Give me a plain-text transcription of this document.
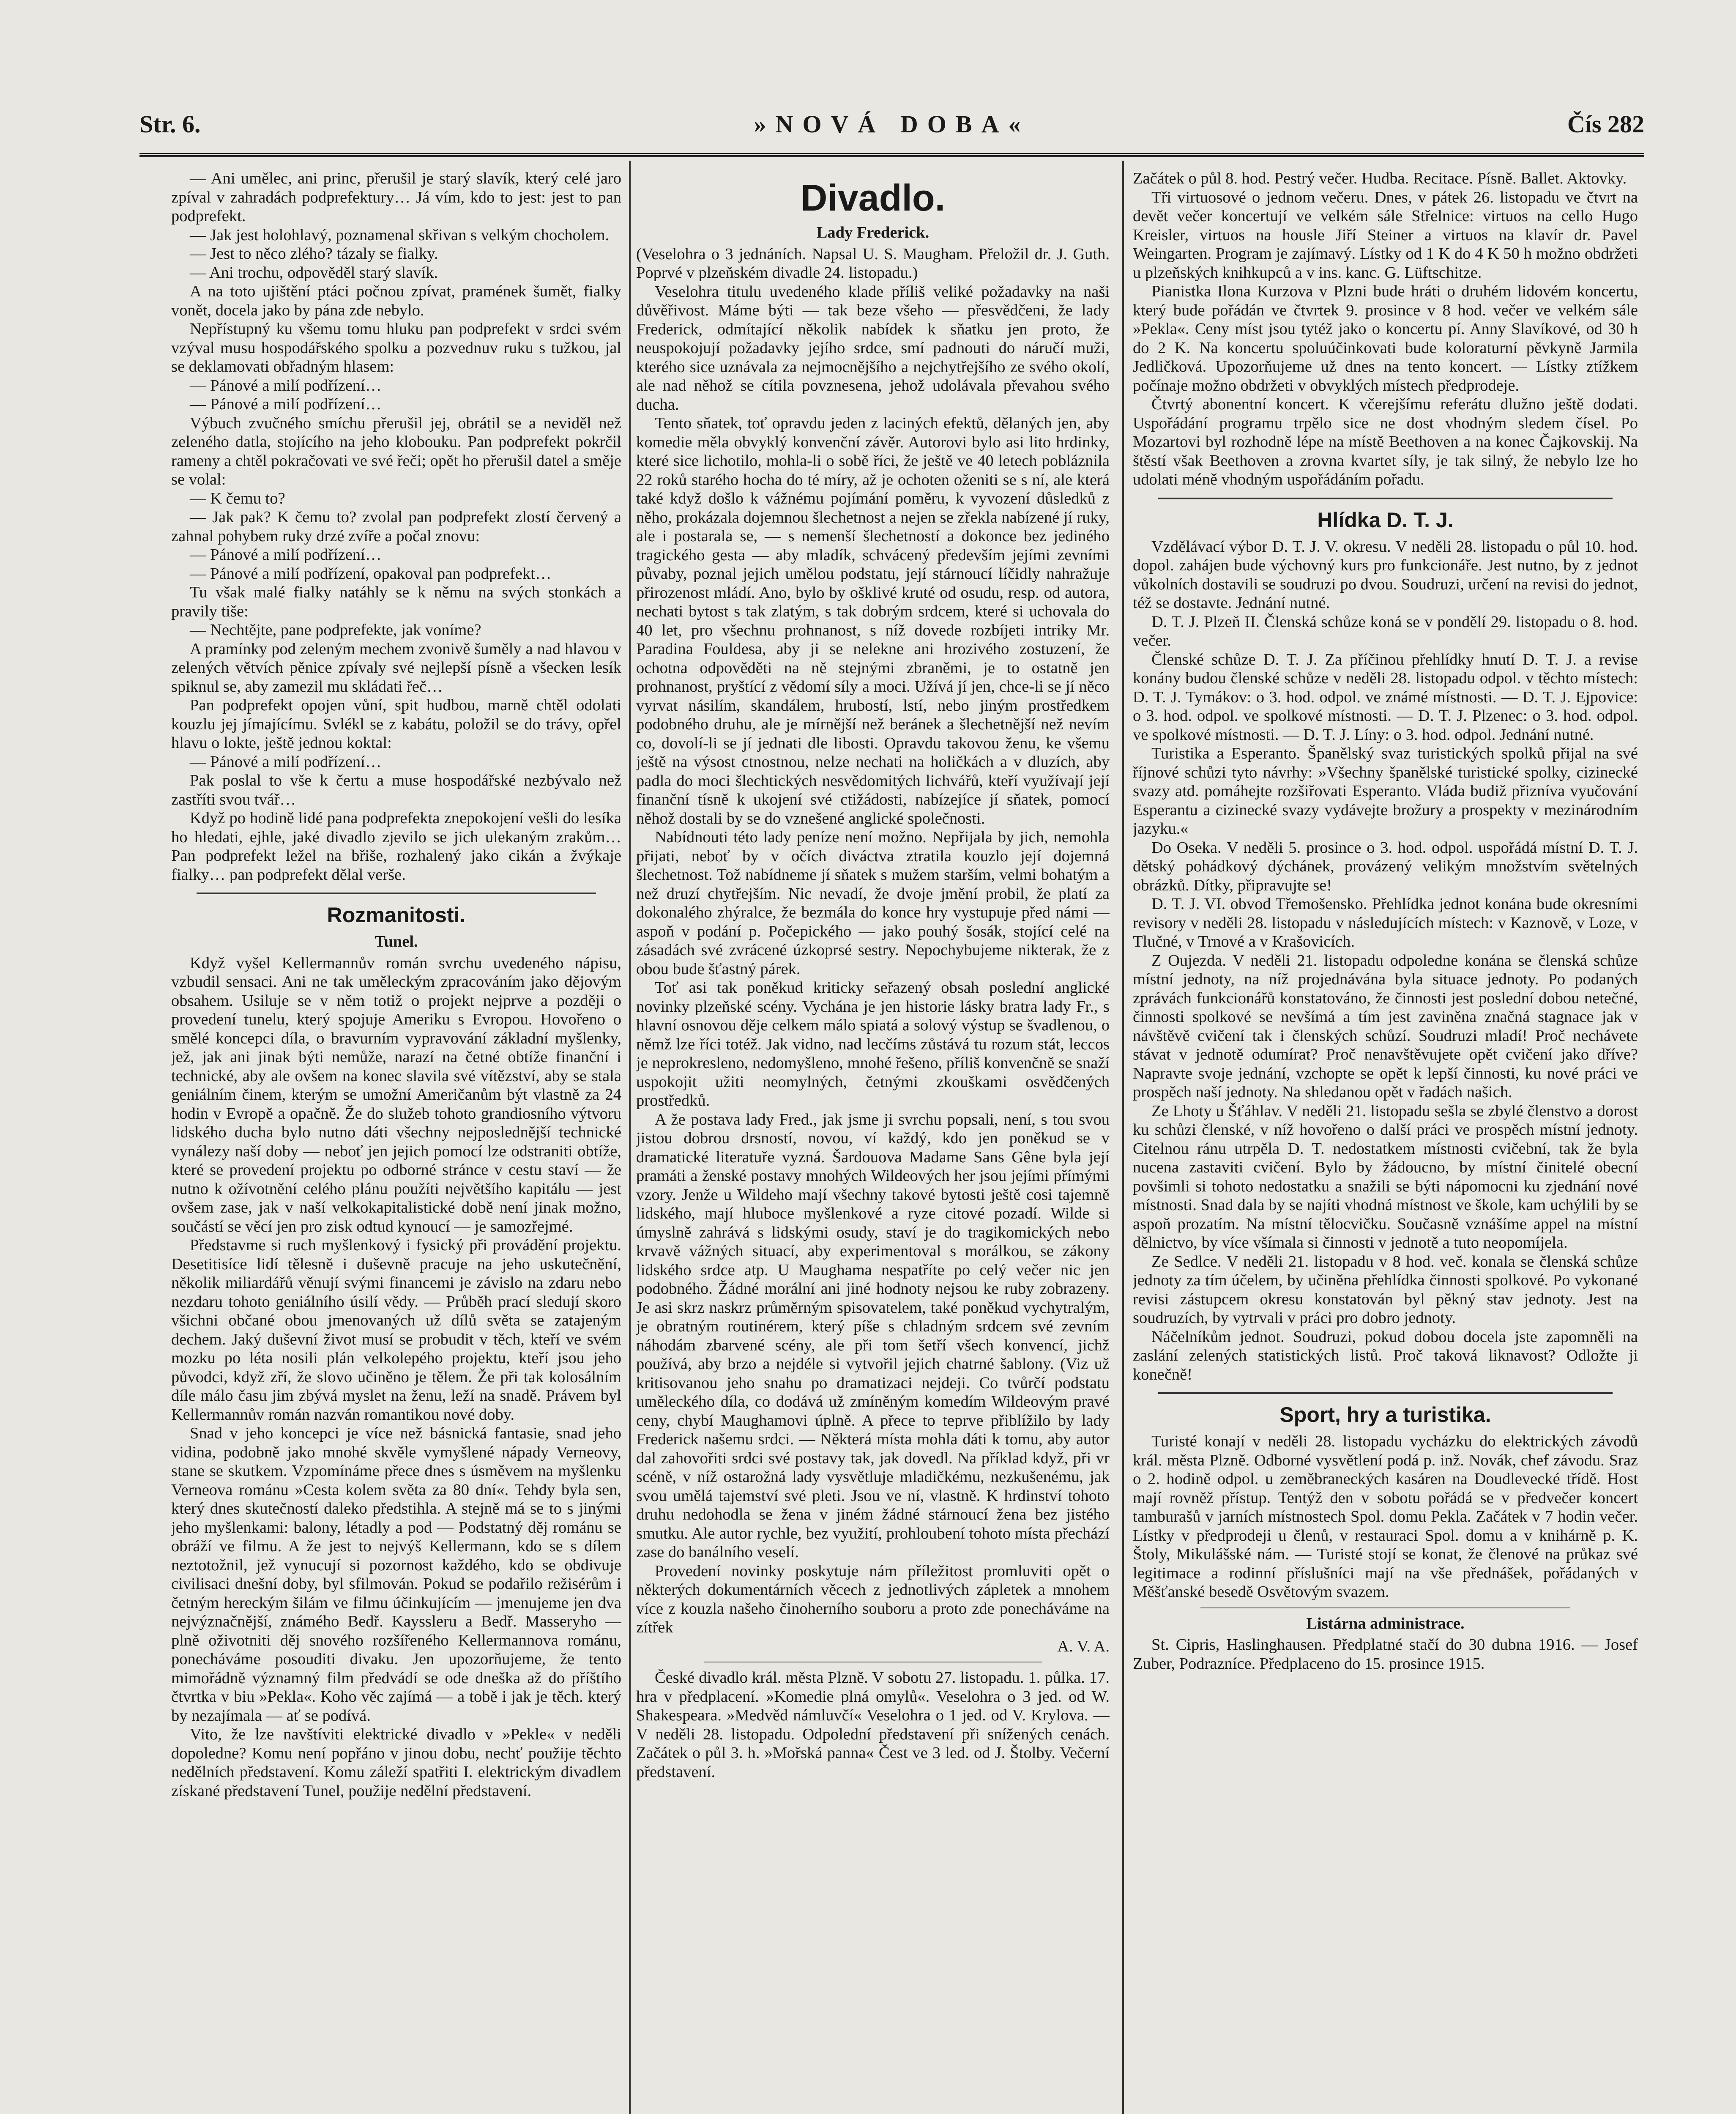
Str. 6.	»NOVÁ DOBA«	Čís 282

— Ani umělec, ani princ, přerušil je starý slavík, který celé jaro zpíval v zahradách podprefektury… Já vím, kdo to jest: jest to pan podprefekt.

— Jak jest holohlavý, poznamenal skřivan s velkým chocholem.

— Jest to něco zlého? tázaly se fialky.

— Ani trochu, odpověděl starý slavík.

A na toto ujištění ptáci počnou zpívat, pramének šumět, fialky vonět, docela jako by pána zde nebylo.

Nepřístupný ku všemu tomu hluku pan podprefekt v srdci svém vzýval musu hospodářského spolku a pozvednuv ruku s tužkou, jal se deklamovati obřadným hlasem:

— Pánové a milí podřízení…

— Pánové a milí podřízení…

Výbuch zvučného smíchu přerušil jej, obrátil se a neviděl než zeleného datla, stojícího na jeho klobouku. Pan podprefekt pokrčil rameny a chtěl pokračovati ve své řeči; opět ho přerušil datel a směje se volal:

— K čemu to?

— Jak pak? K čemu to? zvolal pan podprefekt zlostí červený a zahnal pohybem ruky drzé zvíře a počal znovu:

— Pánové a milí podřízení…

— Pánové a milí podřízení, opakoval pan podprefekt…

Tu však malé fialky natáhly se k němu na svých stonkách a pravily tiše:

— Nechtějte, pane podprefekte, jak voníme?

A pramínky pod zeleným mechem zvonivě šuměly a nad hlavou v zelených větvích pěnice zpívaly své nejlepší písně a všecken lesík spiknul se, aby zamezil mu skládati řeč…

Pan podprefekt opojen vůní, spit hudbou, marně chtěl odolati kouzlu jej jímajícímu. Svlékl se z kabátu, položil se do trávy, opřel hlavu o lokte, ještě jednou koktal:

— Pánové a milí podřízení…

Pak poslal to vše k čertu a muse hospodářské nezbývalo než zastříti svou tvář…

Když po hodině lidé pana podprefekta znepokojení vešli do lesíka ho hledati, ejhle, jaké divadlo zjevilo se jich ulekaným zrakům… Pan podprefekt ležel na břiše, rozhalený jako cikán a žvýkaje fialky… pan podprefekt dělal verše.

Rozmanitosti.
Tunel.

Když vyšel Kellermannův román svrchu uvedeného nápisu, vzbudil sensaci. Ani ne tak uměleckým zpracováním jako dějovým obsahem. Usiluje se v něm totiž o projekt nejprve a později o provedení tunelu, který spojuje Ameriku s Evropou. Hovořeno o smělé koncepci díla, o bravurním vypravování základní myšlenky, jež, jak ani jinak býti nemůže, narazí na četné obtíže finanční i technické, aby ale ovšem na konec slavila své vítězství, aby se stala geniálním činem, kterým se umožní Američanům být vlastně za 24 hodin v Evropě a opačně. Že do služeb tohoto grandiosního výtvoru lidského ducha bylo nutno dáti všechny nejposlednější technické vynálezy naší doby — neboť jen jejich pomocí lze odstraniti obtíže, které se provedení projektu po odborné stránce v cestu staví — že nutno k ožívotnění celého plánu použíti největšího kapitálu — jest ovšem zase, jak v naší velkokapitalistické době není jinak možno, součástí se věcí jen pro zisk odtud kynoucí — je samozřejmé.

Představme si ruch myšlenkový i fysický při provádění projektu. Desetitisíce lidí tělesně i duševně pracuje na jeho uskutečnění, několik miliardářů věnují svými financemi je závislo na zdaru nebo nezdaru tohoto geniálního úsilí vědy. — Průběh prací sledují skoro všichni občané obou jmenovaných už dílů světa se zatajeným dechem. Jaký duševní život musí se probudit v těch, kteří ve svém mozku po léta nosili plán velkolepého projektu, kteří jsou jeho původci, když zří, že slovo učiněno je tělem. Že při tak kolosálním díle málo času jim zbývá myslet na ženu, leží na snadě. Právem byl Kellermannův román nazván romantikou nové doby.

Snad v jeho koncepci je více než básnická fantasie, snad jeho vidina, podobně jako mnohé skvěle vymyšlené nápady Verneovy, stane se skutkem. Vzpomínáme přece dnes s úsměvem na myšlenku Verneova románu »Cesta kolem světa za 80 dní«. Tehdy byla sen, který dnes skutečností daleko předstihla. A stejně má se to s jinými jeho myšlenkami: balony, létadly a pod — Podstatný děj románu se obráží ve filmu. A že jest to nejvýš Kellermann, kdo se s dílem neztotožnil, jež vynucují si pozornost každého, kdo se obdivuje civilisaci dnešní doby, byl sfilmován. Pokud se podařilo režisérům i četným hereckým šilám ve filmu účinkujícím — jmenujeme jen dva nejvýznačnější, známého Bedř. Kayssleru a Bedř. Masseryho — plně oživotniti děj snového rozšířeného Kellermannova románu, ponecháváme posouditi divaku. Jen upozorňujeme, že tento mimořádně významný film předvádí se ode dneška až do příštího čtvrtka v biu »Pekla«. Koho věc zajímá — a tobě i jak je těch. který by nezajímala — ať se podívá.

Vito, že lze navštíviti elektrické divadlo v »Pekle« v neděli dopoledne? Komu není popřáno v jinou dobu, nechť použije těchto nedělních představení. Komu záleží spatřiti I. elektrickým divadlem získané představení Tunel, použije nedělní představení.

Divadlo.
Lady Frederick.

(Veselohra o 3 jednáních. Napsal U. S. Maugham. Přeložil dr. J. Guth. Poprvé v plzeňském divadle 24. listopadu.)

Veselohra titulu uvedeného klade příliš veliké požadavky na naši důvěřivost. Máme býti — tak beze všeho — přesvědčeni, že lady Frederick, odmítající několik nabídek k sňatku jen proto, že neuspokojují požadavky jejího srdce, smí padnouti do náručí muži, kterého sice uznávala za nejmocnějšího a nejchytřejšího ze svého okolí, ale nad něhož se cítila povznesena, jehož udolávala převahou svého ducha.

Tento sňatek, toť opravdu jeden z laciných efektů, dělaných jen, aby komedie měla obvyklý konvenční závěr. Autorovi bylo asi lito hrdinky, které sice lichotilo, mohla-li o sobě říci, že ještě ve 40 letech pobláznila 22 roků starého hocha do té míry, až je ochoten oženiti se s ní, ale která také když došlo k vážnému pojímání poměru, k vyvození důsledků z něho, prokázala dojemnou šlechetnost a nejen se zřekla nabízené jí ruky, ale i postarala se, — s nemenší šlechetností a dokonce bez jediného tragického gesta — aby mladík, schvácený především jejími zevními půvaby, poznal jejich umělou podstatu, její stárnoucí líčidly nahražuje přirozenost mládí. Ano, bylo by ošklivé kruté od osudu, resp. od autora, nechati bytost s tak zlatým, s tak dobrým srdcem, které si uchovala do 40 let, pro všechnu prohnanost, s níž dovede rozbíjeti intriky Mr. Paradina Fouldesa, aby ji se nelekne ani hrozivého zostuzení, že ochotna odpověděti na ně stejnými zbraněmi, je to ostatně jen prohnanost, pryštící z vědomí síly a moci. Užívá jí jen, chce-li se jí něco vyrvat násilím, skandálem, hrubostí, lstí, nebo jiným prostředkem podobného druhu, ale je mírnější než beránek a šlechetnější než nevím co, dovolí-li se jí jednati dle libosti. Opravdu takovou ženu, ke všemu ještě na výsost ctnostnou, nelze nechati na holičkách a v dluzích, aby padla do moci šlechtických nesvědomitých lichvářů, kteří využívají její finanční tísně k ukojení své ctižádosti, nabízejíce jí sňatek, pomocí něhož dostali by se do vznešené anglické společnosti.

Nabídnouti této lady peníze není možno. Nepřijala by jich, nemohla přijati, neboť by v očích diváctva ztratila kouzlo její dojemná šlechetnost. Tož nabídneme jí sňatek s mužem starším, velmi bohatým a než druzí chytřejším. Nic nevadí, že dvoje jmění probil, že platí za dokonalého zhýralce, že bezmála do konce hry vystupuje před námi — aspoň v podání p. Počepického — jako pouhý šosák, stojící celé na zásadách své zvrácené úzkoprsé sestry. Nepochybujeme nikterak, že z obou bude šťastný párek.

Toť asi tak poněkud kriticky seřazený obsah poslední anglické novinky plzeňské scény. Vychána je jen historie lásky bratra lady Fr., s hlavní osnovou děje celkem málo spiatá a solový výstup se švadlenou, o němž lze říci totéž. Jak vidno, nad lecčíms zůstává tu rozum stát, leccos je neprokresleno, nedomyšleno, mnohé řešeno, příliš konvenčně se snaží uspokojit užiti neomylných, četnými zkouškami osvědčených prostředků.

A že postava lady Fred., jak jsme ji svrchu popsali, není, s tou svou jistou dobrou drsností, novou, ví každý, kdo jen poněkud se v dramatické literatuře vyzná. Šardouova Madame Sans Gêne byla její pramáti a ženské postavy mnohých Wildeových her jsou jejími přímými vzory. Jenže u Wildeho mají všechny takové bytosti ještě cosi tajemně lidského, mají hluboce myšlenkové a ryze citové pozadí. Wilde si úmyslně zahrává s lidskými osudy, staví je do tragikomických nebo krvavě vážných situací, aby experimentoval s morálkou, se zákony lidského srdce atp. U Maughama nespatříte po celý večer nic jen podobného. Žádné morální ani jiné hodnoty nejsou ke ruby zobrazeny. Je asi skrz naskrz průměrným spisovatelem, také poněkud vychytralým, je obratným routinérem, který píše s chladným srdcem své zevním náhodám zbarvené scény, ale při tom šetří všech konvencí, jichž používá, aby brzo a nejdéle si vytvořil jejich chatrné šablony. (Viz už kritisovanou jeho snahu po dramatizaci nejdeji. Co tvůrčí podstatu uměleckého díla, co dodává už zmíněným komedím Wildeovým pravé ceny, chybí Maughamovi úplně. A přece to teprve přiblížilo by lady Frederick našemu srdci. — Některá místa mohla dáti k tomu, aby autor dal zahovořiti srdci své postavy tak, jak dovedl. Na příklad když, při vr scéně, v níž ostarožná lady vysvětluje mladičkému, nezkušenému, jak svou umělá tajemství své pleti. Jsou ve ní, vlastně. K hrdinství tohoto druhu nedohodla se žena v jiném žádné stárnoucí žena bez jistého smutku. Ale autor rychle, bez využití, prohloubení tohoto místa přechází zase do banálního veselí.

Provedení novinky poskytuje nám příležitost promluviti opět o některých dokumentárních věcech z jednotlivých zápletek a mnohem více z kouzla našeho činoherního souboru a proto zde ponecháváme na zítřek

A. V. A.

České divadlo král. města Plzně. V sobotu 27. listopadu. 1. půlka. 17. hra v předplacení. »Komedie plná omylů«. Veselohra o 3 jed. od W. Shakespeara. »Medvěd námluvčí« Veselohra o 1 jed. od V. Krylova. — V neděli 28. listopadu. Odpolední představení při snížených cenách. Začátek o půl 3. h. »Mořská panna« Čest ve 3 led. od J. Štolby. Večerní představení.

Začátek o půl 8. hod. Pestrý večer. Hudba. Recitace. Písně. Ballet. Aktovky.

Tři virtuosové o jednom večeru. Dnes, v pátek 26. listopadu ve čtvrt na devět večer koncertují ve velkém sále Střelnice: virtuos na cello Hugo Kreisler, virtuos na housle Jiří Steiner a virtuos na klavír dr. Pavel Weingarten. Program je zajímavý. Lístky od 1 K do 4 K 50 h možno obdržeti u plzeňských knihkupců a v ins. kanc. G. Lüftschitze.

Pianistka Ilona Kurzova v Plzni bude hráti o druhém lidovém koncertu, který bude pořádán ve čtvrtek 9. prosince v 8 hod. večer ve velkém sále »Pekla«. Ceny míst jsou tytéž jako o koncertu pí. Anny Slavíkové, od 30 h do 2 K. Na koncertu spoluúčinkovati bude koloraturní pěvkyně Jarmila Jedličková. Upozorňujeme už dnes na tento koncert. — Lístky ztížkem počínaje možno obdržeti v obvyklých místech předprodeje.

Čtvrtý abonentní koncert. K včerejšímu referátu dlužno ještě dodati. Uspořádání programu trpělo sice ne dost vhodným sledem čísel. Po Mozartovi byl rozhodně lépe na místě Beethoven a na konec Čajkovskij. Na štěstí však Beethoven a zrovna kvartet síly, je tak silný, že nebylo lze ho udolati méně vhodným uspořádáním pořadu.

Hlídka D. T. J.

Vzdělávací výbor D. T. J. V. okresu. V neděli 28. listopadu o půl 10. hod. dopol. zahájen bude výchovný kurs pro funkcionáře. Jest nutno, by z jednot vůkolních dostavili se soudruzi po dvou. Soudruzi, určení na revisi do jednot, též se dostavte. Jednání nutné.

D. T. J. Plzeň II. Členská schůze koná se v pondělí 29. listopadu o 8. hod. večer.

Členské schůze D. T. J. Za příčinou přehlídky hnutí D. T. J. a revise konány budou členské schůze v neděli 28. listopadu odpol. v těchto místech: D. T. J. Tymákov: o 3. hod. odpol. ve známé místnosti. — D. T. J. Ejpovice: o 3. hod. odpol. ve spolkové místnosti. — D. T. J. Plzenec: o 3. hod. odpol. ve spolkové místnosti. — D. T. J. Líny: o 3. hod. odpol. Jednání nutné.

Turistika a Esperanto. Španělský svaz turistických spolků přijal na své říjnové schůzi tyto návrhy: »Všechny španělské turistické spolky, cizinecké svazy atd. pomáhejte rozšiřovati Esperanto. Vláda budiž přizníva vyučování Esperantu a cizinecké svazy vydávejte brožury a prospekty v mezinárodním jazyku.«

Do Oseka. V neděli 5. prosince o 3. hod. odpol. uspořádá místní D. T. J. dětský pohádkový dýchánek, provázený velikým množstvím světelných obrázků. Dítky, připravujte se!

D. T. J. VI. obvod Třemošensko. Přehlídka jednot konána bude okresními revisory v neděli 28. listopadu v následujících místech: v Kaznově, v Loze, v Tlučné, v Trnové a v Krašovicích.

Z Oujezda. V neděli 21. listopadu odpoledne konána se členská schůze místní jednoty, na níž projednávána byla situace jednoty. Po podaných zprávách funkcionářů konstatováno, že činnosti jest poslední dobou netečné, činnosti spolkové se nevšímá a tím jest zaviněna značná stagnace jak v návštěvě cvičení tak i členských schůzí. Soudruzi mladí! Proč nechávete stávat v jednotě odumírat? Proč nenavštěvujete opět cvičení jako dříve? Napravte svoje jednání, vzchopte se opět k lepší činnosti, ku nové práci ve prospěch naší jednoty. Na shledanou opět v řadách našich.

Ze Lhoty u Šťáhlav. V neděli 21. listopadu sešla se zbylé členstvo a dorost ku schůzi členské, v níž hovořeno o další práci ve prospěch místní jednoty. Citelnou ránu utrpěla D. T. nedostatkem místnosti cvičební, tak že byla nucena zastaviti cvičení. Bylo by žádoucno, by místní činitelé obecní povšimli si tohoto nedostatku a snažili se býti nápomocni ku zjednání nové místnosti. Snad dala by se najíti vhodná místnost ve škole, kam uchýlili by se aspoň prozatím. Na místní tělocvičku. Současně vznášíme appel na místní dělnictvo, by více všímala si činnosti v jednotě a tuto neopomíjela.

Ze Sedlce. V neděli 21. listopadu v 8 hod. več. konala se členská schůze jednoty za tím účelem, by učiněna přehlídka činnosti spolkové. Po vykonané revisi zástupcem okresu konstatován byl pěkný stav jednoty. Jest na soudruzích, by vytrvali v práci pro dobro jednoty.

Náčelníkům jednot. Soudruzi, pokud dobou docela jste zapomněli na zaslání zelených statistických listů. Proč taková liknavost? Odložte ji konečně!

Sport, hry a turistika.

Turisté konají v neděli 28. listopadu vycházku do elektrických závodů král. města Plzně. Odborné vysvětlení podá p. inž. Novák, chef závodu. Sraz o 2. hodině odpol. u zeměbraneckých kasáren na Doudlevecké třídě. Host mají rovněž přístup. Tentýž den v sobotu pořádá se v předvečer koncert tamburašů v jarních místnostech Spol. domu Pekla. Začátek v 7 hodin večer. Lístky v předprodeji u členů, v restauraci Spol. domu a v knihárně p. K. Štoly, Mikulášské nám. — Turisté stojí se konat, že členové na průkaz své legitimace a rodinní příslušníci mají na vše přednášek, pořádaných v Měšťanské besedě Osvětovým svazem.

Listárna administrace.

St. Cipris, Haslinghausen. Předplatné stačí do 30 dubna 1916. — Josef Zuber, Podrazníce. Předplaceno do 15. prosince 1915.
